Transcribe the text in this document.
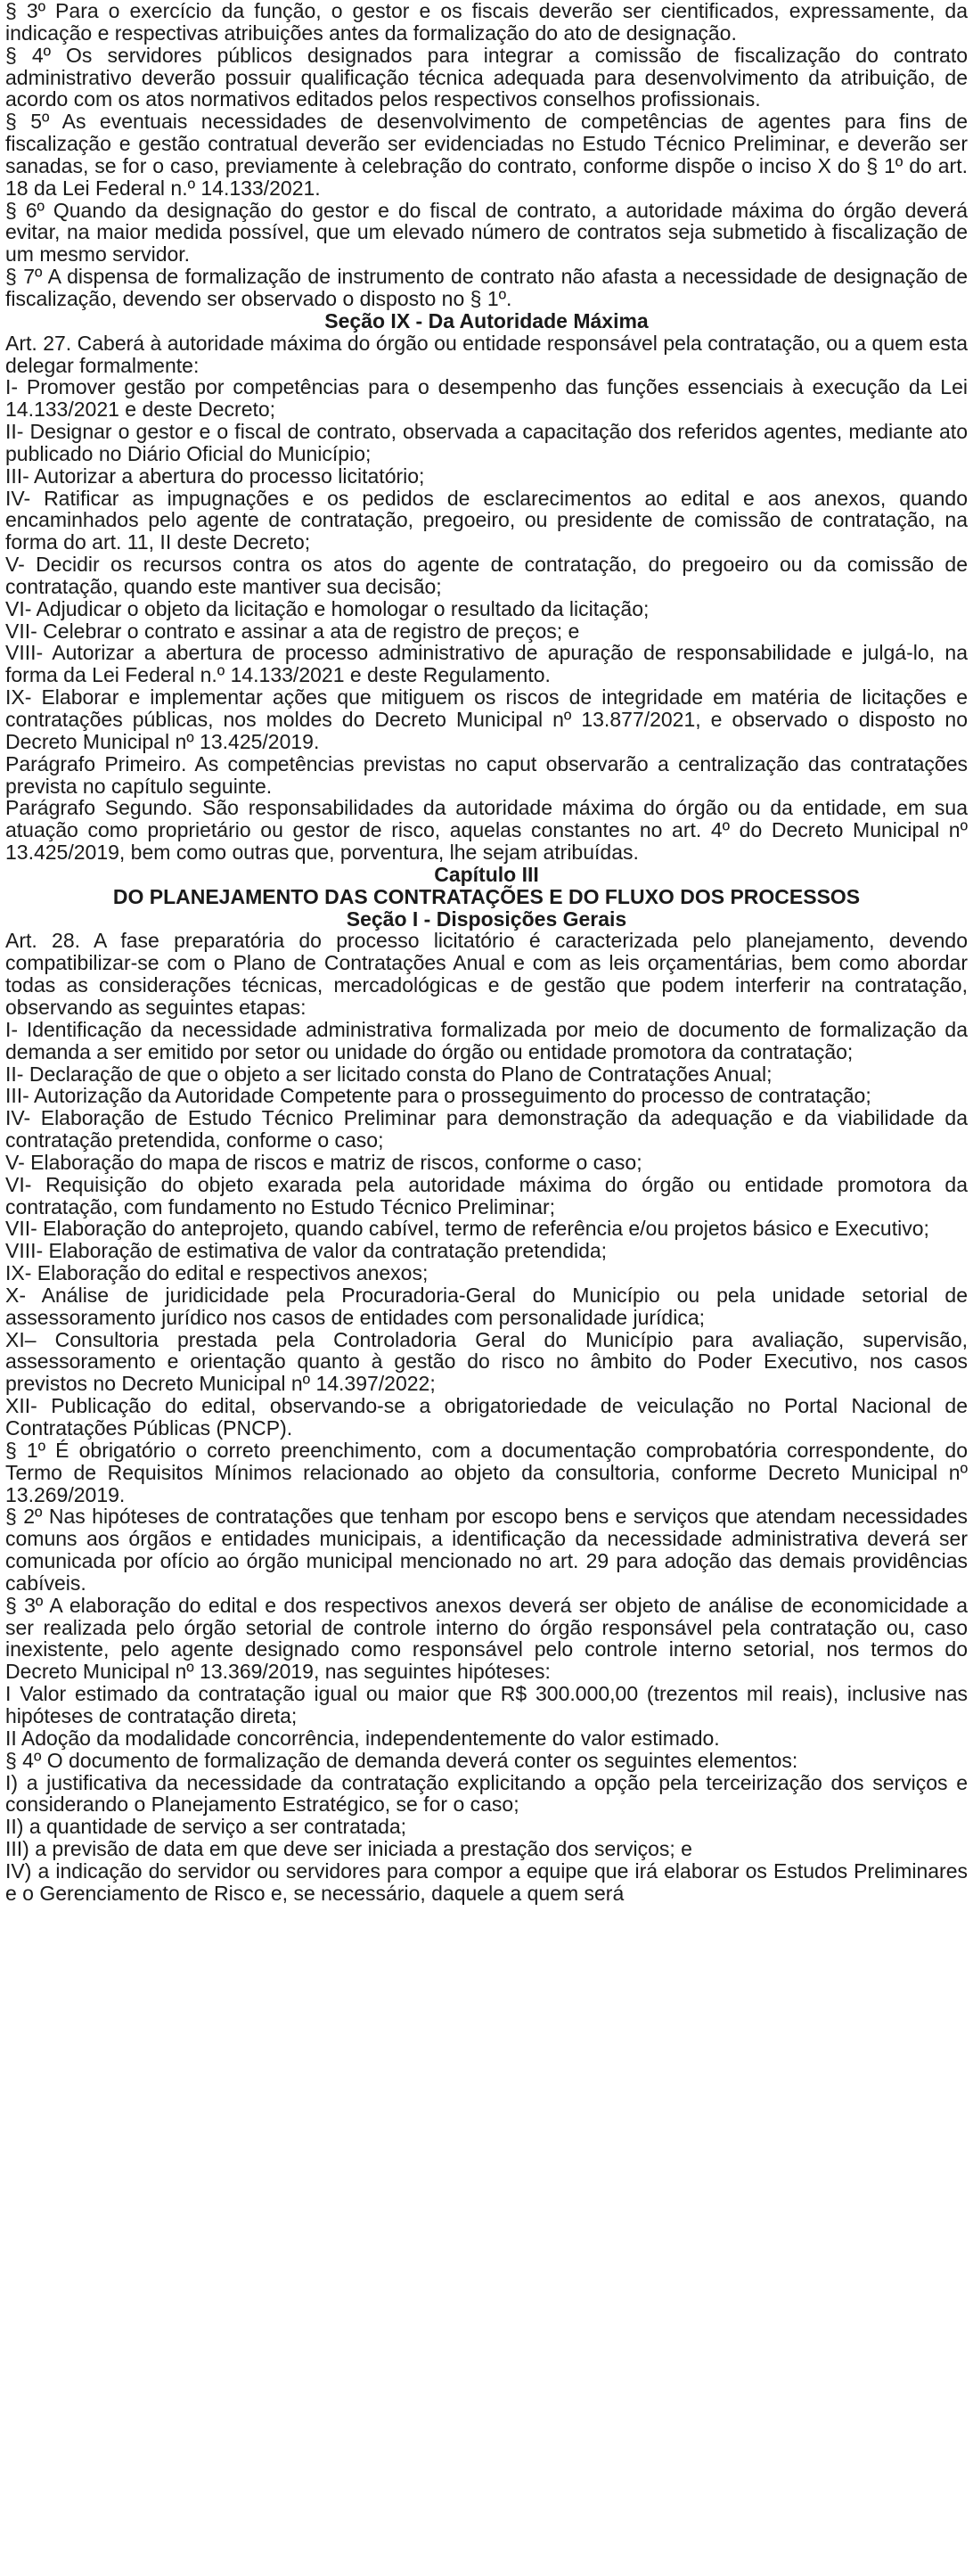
§ 3º Para o exercício da função, o gestor e os fiscais deverão ser cientificados, expressamente, da indicação e respectivas atribuições antes da formalização do ato de designação.

§ 4º Os servidores públicos designados para integrar a comissão de fiscalização do contrato administrativo deverão possuir qualificação técnica adequada para desenvolvimento da atribuição, de acordo com os atos normativos editados pelos respectivos conselhos profissionais.

§ 5º As eventuais necessidades de desenvolvimento de competências de agentes para fins de fiscalização e gestão contratual deverão ser evidenciadas no Estudo Técnico Preliminar, e deverão ser sanadas, se for o caso, previamente à celebração do contrato, conforme dispõe o inciso X do § 1º do art. 18 da Lei Federal n.º 14.133/2021.

§ 6º Quando da designação do gestor e do fiscal de contrato, a autoridade máxima do órgão deverá evitar, na maior medida possível, que um elevado número de contratos seja submetido à fiscalização de um mesmo servidor.

§ 7º A dispensa de formalização de instrumento de contrato não afasta a necessidade de designação de fiscalização, devendo ser observado o disposto no § 1º.

Seção IX - Da Autoridade Máxima

Art. 27. Caberá à autoridade máxima do órgão ou entidade responsável pela contratação, ou a quem esta delegar formalmente:

I- Promover gestão por competências para o desempenho das funções essenciais à execução da Lei 14.133/2021 e deste Decreto;

II- Designar o gestor e o fiscal de contrato, observada a capacitação dos referidos agentes, mediante ato publicado no Diário Oficial do Município;

III- Autorizar a abertura do processo licitatório;

IV- Ratificar as impugnações e os pedidos de esclarecimentos ao edital e aos anexos, quando encaminhados pelo agente de contratação, pregoeiro, ou presidente de comissão de contratação, na forma do art. 11, II deste Decreto;

V- Decidir os recursos contra os atos do agente de contratação, do pregoeiro ou da comissão de contratação, quando este mantiver sua decisão;

VI- Adjudicar o objeto da licitação e homologar o resultado da licitação;

VII- Celebrar o contrato e assinar a ata de registro de preços; e

VIII- Autorizar a abertura de processo administrativo de apuração de responsabilidade e julgá-lo, na forma da Lei Federal n.º 14.133/2021 e deste Regulamento.

IX- Elaborar e implementar ações que mitiguem os riscos de integridade em matéria de licitações e contratações públicas, nos moldes do Decreto Municipal nº 13.877/2021, e observado o disposto no Decreto Municipal nº 13.425/2019.

Parágrafo Primeiro. As competências previstas no caput observarão a centralização das contratações prevista no capítulo seguinte.

Parágrafo Segundo. São responsabilidades da autoridade máxima do órgão ou da entidade, em sua atuação como proprietário ou gestor de risco, aquelas constantes no art. 4º do Decreto Municipal nº 13.425/2019, bem como outras que, porventura, lhe sejam atribuídas.

Capítulo III

DO PLANEJAMENTO DAS CONTRATAÇÕES E DO FLUXO DOS PROCESSOS

Seção I - Disposições Gerais

Art. 28. A fase preparatória do processo licitatório é caracterizada pelo planejamento, devendo compatibilizar-se com o Plano de Contratações Anual e com as leis orçamentárias, bem como abordar todas as considerações técnicas, mercadológicas e de gestão que podem interferir na contratação, observando as seguintes etapas:

I- Identificação da necessidade administrativa formalizada por meio de documento de formalização da demanda a ser emitido por setor ou unidade do órgão ou entidade promotora da contratação;

II- Declaração de que o objeto a ser licitado consta do Plano de Contratações Anual;

III- Autorização da Autoridade Competente para o prosseguimento do processo de contratação;

IV- Elaboração de Estudo Técnico Preliminar para demonstração da adequação e da viabilidade da contratação pretendida, conforme o caso;

V- Elaboração do mapa de riscos e matriz de riscos, conforme o caso;

VI- Requisição do objeto exarada pela autoridade máxima do órgão ou entidade promotora da contratação, com fundamento no Estudo Técnico Preliminar;

VII- Elaboração do anteprojeto, quando cabível, termo de referência e/ou projetos básico e Executivo;

VIII- Elaboração de estimativa de valor da contratação pretendida;

IX- Elaboração do edital e respectivos anexos;

X- Análise de juridicidade pela Procuradoria-Geral do Município ou pela unidade setorial de assessoramento jurídico nos casos de entidades com personalidade jurídica;

XI– Consultoria prestada pela Controladoria Geral do Município para avaliação, supervisão, assessoramento e orientação quanto à gestão do risco no âmbito do Poder Executivo, nos casos previstos no Decreto Municipal nº 14.397/2022;

XII- Publicação do edital, observando-se a obrigatoriedade de veiculação no Portal Nacional de Contratações Públicas (PNCP).

§ 1º É obrigatório o correto preenchimento, com a documentação comprobatória correspondente, do Termo de Requisitos Mínimos relacionado ao objeto da consultoria, conforme Decreto Municipal nº 13.269/2019.

§ 2º Nas hipóteses de contratações que tenham por escopo bens e serviços que atendam necessidades comuns aos órgãos e entidades municipais, a identificação da necessidade administrativa deverá ser comunicada por ofício ao órgão municipal mencionado no art. 29 para adoção das demais providências cabíveis.

§ 3º A elaboração do edital e dos respectivos anexos deverá ser objeto de análise de economicidade a ser realizada pelo órgão setorial de controle interno do órgão responsável pela contratação ou, caso inexistente, pelo agente designado como responsável pelo controle interno setorial, nos termos do Decreto Municipal nº 13.369/2019, nas seguintes hipóteses:

I Valor estimado da contratação igual ou maior que R$ 300.000,00 (trezentos mil reais), inclusive nas hipóteses de contratação direta;

II Adoção da modalidade concorrência, independentemente do valor estimado.

§ 4º O documento de formalização de demanda deverá conter os seguintes elementos:

I) a justificativa da necessidade da contratação explicitando a opção pela terceirização dos serviços e considerando o Planejamento Estratégico, se for o caso;

II) a quantidade de serviço a ser contratada;

III) a previsão de data em que deve ser iniciada a prestação dos serviços; e

IV) a indicação do servidor ou servidores para compor a equipe que irá elaborar os Estudos Preliminares e o Gerenciamento de Risco e, se necessário, daquele a quem será
